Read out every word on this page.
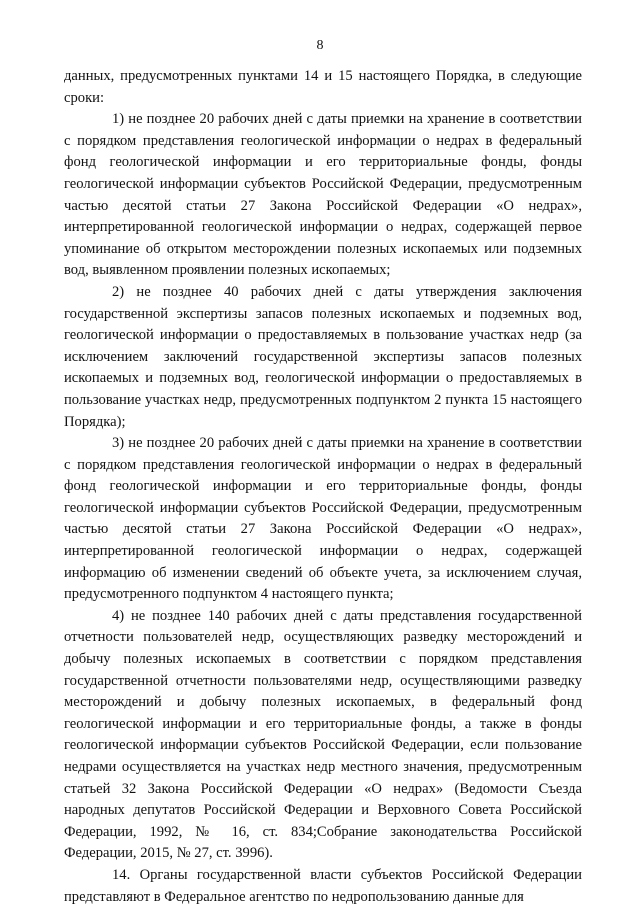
8

данных, предусмотренных пунктами 14 и 15 настоящего Порядка, в следующие сроки:

1) не позднее 20 рабочих дней с даты приемки на хранение в соответствии с порядком представления геологической информации о недрах в федеральный фонд геологической информации и его территориальные фонды, фонды геологической информации субъектов Российской Федерации, предусмотренным частью десятой статьи 27 Закона Российской Федерации «О недрах», интерпретированной геологической информации о недрах, содержащей первое упоминание об открытом месторождении полезных ископаемых или подземных вод, выявленном проявлении полезных ископаемых;

2) не позднее 40 рабочих дней с даты утверждения заключения государственной экспертизы запасов полезных ископаемых и подземных вод, геологической информации о предоставляемых в пользование участках недр (за исключением заключений государственной экспертизы запасов полезных ископаемых и подземных вод, геологической информации о предоставляемых в пользование участках недр, предусмотренных подпунктом 2 пункта 15 настоящего Порядка);

3) не позднее 20 рабочих дней с даты приемки на хранение в соответствии с порядком представления геологической информации о недрах в федеральный фонд геологической информации и его территориальные фонды, фонды геологической информации субъектов Российской Федерации, предусмотренным частью десятой статьи 27 Закона Российской Федерации «О недрах», интерпретированной геологической информации о недрах, содержащей информацию об изменении сведений об объекте учета, за исключением случая, предусмотренного подпунктом 4 настоящего пункта;

4) не позднее 140 рабочих дней с даты представления государственной отчетности пользователей недр, осуществляющих разведку месторождений и добычу полезных ископаемых в соответствии с порядком представления государственной отчетности пользователями недр, осуществляющими разведку месторождений и добычу полезных ископаемых, в федеральный фонд геологической информации и его территориальные фонды, а также в фонды геологической информации субъектов Российской Федерации, если пользование недрами осуществляется на участках недр местного значения, предусмотренным статьей 32 Закона Российской Федерации «О недрах» (Ведомости Съезда народных депутатов Российской Федерации и Верховного Совета Российской Федерации, 1992, № 16, ст. 834;Собрание законодательства Российской Федерации, 2015, № 27, ст. 3996).

14. Органы государственной власти субъектов Российской Федерации представляют в Федеральное агентство по недропользованию данные для
